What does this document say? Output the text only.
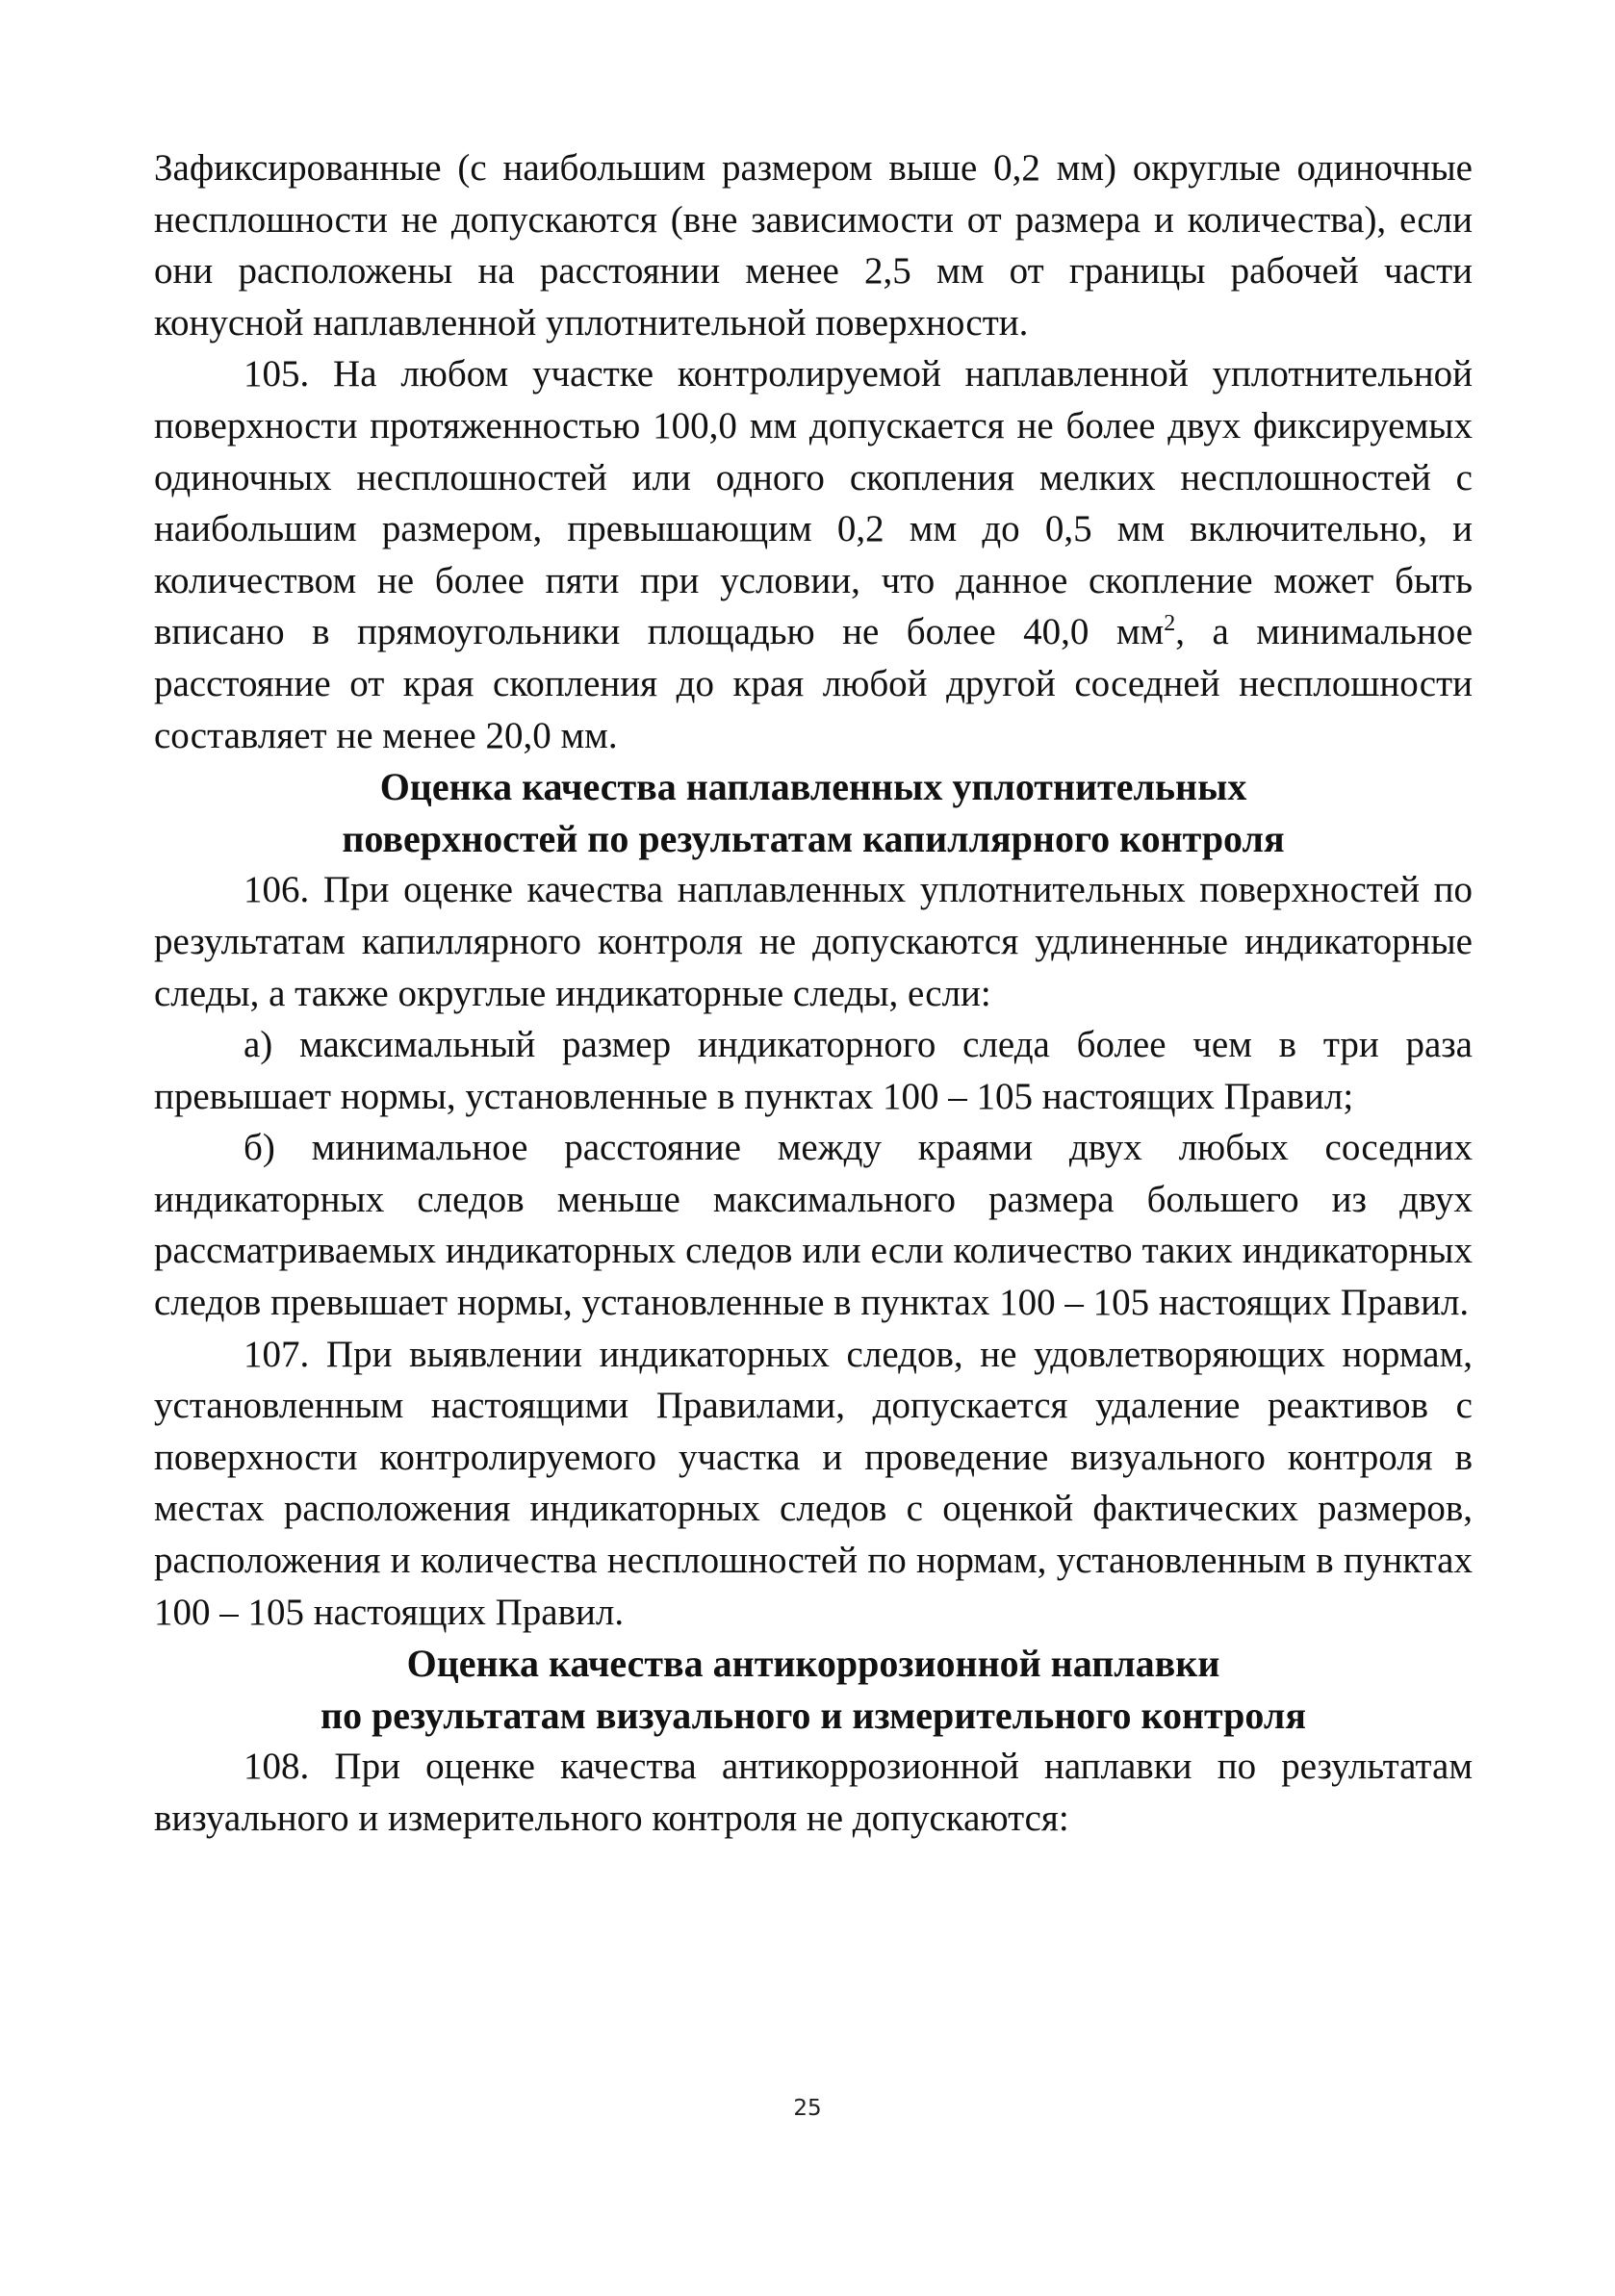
Зафиксированные (с наибольшим размером выше 0,2 мм) округлые одиночные несплошности не допускаются (вне зависимости от размера и количества), если они расположены на расстоянии менее 2,5 мм от границы рабочей части конусной наплавленной уплотнительной поверхности.

105. На любом участке контролируемой наплавленной уплотнительной поверхности протяженностью 100,0 мм допускается не более двух фиксируемых одиночных несплошностей или одного скопления мелких несплошностей с наибольшим размером, превышающим 0,2 мм до 0,5 мм включительно, и количеством не более пяти при условии, что данное скопление может быть вписано в прямоугольники площадью не более 40,0 $мм^2$, а минимальное расстояние от края скопления до края любой другой соседней несплошности составляет не менее 20,0 мм.

Оценка качества наплавленных уплотнительных
поверхностей по результатам капиллярного контроля

106. При оценке качества наплавленных уплотнительных поверхностей по результатам капиллярного контроля не допускаются удлиненные индикаторные следы, а также округлые индикаторные следы, если:

а) максимальный размер индикаторного следа более чем в три раза превышает нормы, установленные в пунктах 100 – 105 настоящих Правил;

б) минимальное расстояние между краями двух любых соседних индикаторных следов меньше максимального размера большего из двух рассматриваемых индикаторных следов или если количество таких индикаторных следов превышает нормы, установленные в пунктах 100 – 105 настоящих Правил.

107. При выявлении индикаторных следов, не удовлетворяющих нормам, установленным настоящими Правилами, допускается удаление реактивов с поверхности контролируемого участка и проведение визуального контроля в местах расположения индикаторных следов с оценкой фактических размеров, расположения и количества несплошностей по нормам, установленным в пунктах 100 – 105 настоящих Правил.

Оценка качества антикоррозионной наплавки
по результатам визуального и измерительного контроля

108. При оценке качества антикоррозионной наплавки по результатам визуального и измерительного контроля не допускаются:

25
